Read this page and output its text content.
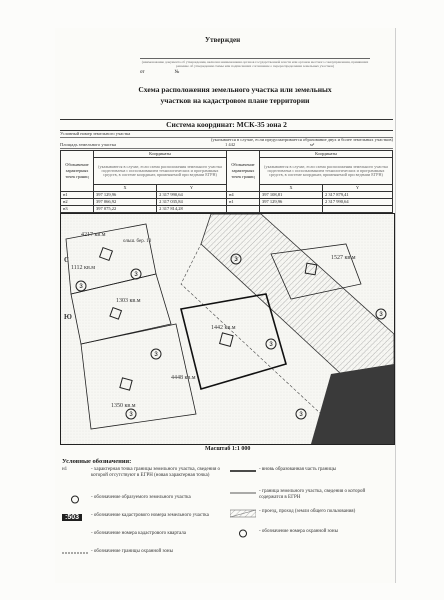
Утвержден
(наименование документа об утверждении, включая наименования органов государственной власти или органов местного самоуправления, принявших решение об утверждении схемы или подписавших соглашение о перераспределении земельных участков)
от	№
Схема расположения земельного участка или земельных
участков на кадастровом плане территории
Система координат: МСК-35 зона 2
Условный номер земельного участка
(указывается в случае, если предусматривается образование двух и более земельных участков)
Площадь земельного участка	1 442	м²
Обозначение характерных точек границ	Координаты		Обозначение характерных точек границ	Координаты	
	(указываются в случае, если схема расположения земельного участка подготовлена с использованием технологических и программных средств, в системе координат, применяемой при ведении ЕГРН)			(указываются в случае, если схема расположения земельного участка подготовлена с использованием технологических и программных средств, в системе координат, применяемой при ведении ЕГРН)	
	X	Y		X	Y
н1	397 129,96	2 317 990,64	н4	397 108,81	2 317 879,41
н2	397 066,92	2 317 035,84	н1	397 129,96	2 317 990,64
н3	397 075,22	2 317 814,28			
3
3
3
3
3
3	3
3
4217 кв.м
1112 кв.м
1303 кв.м
1442 кв.м
1350 кв.м
1527 кв.м
4448 кв.м
ольш. бер. 10
Ю
С
Масштаб 1:1 000
Условные обозначения:
н1	- характерная точка границы земельного участка, сведения о которой отсутствуют в ЕГРН (новая характерная точка)
- обозначение образуемого земельного участка
:503	- обозначение кадастрового номера земельного участка
- обозначение номера кадастрового квартала
- обозначение границы охранной зоны
- вновь образованная часть границы
- граница земельного участка, сведения о которой содержатся в ЕГРН
- проезд, проход (земли общего пользования)
- обозначение номера охранной зоны
